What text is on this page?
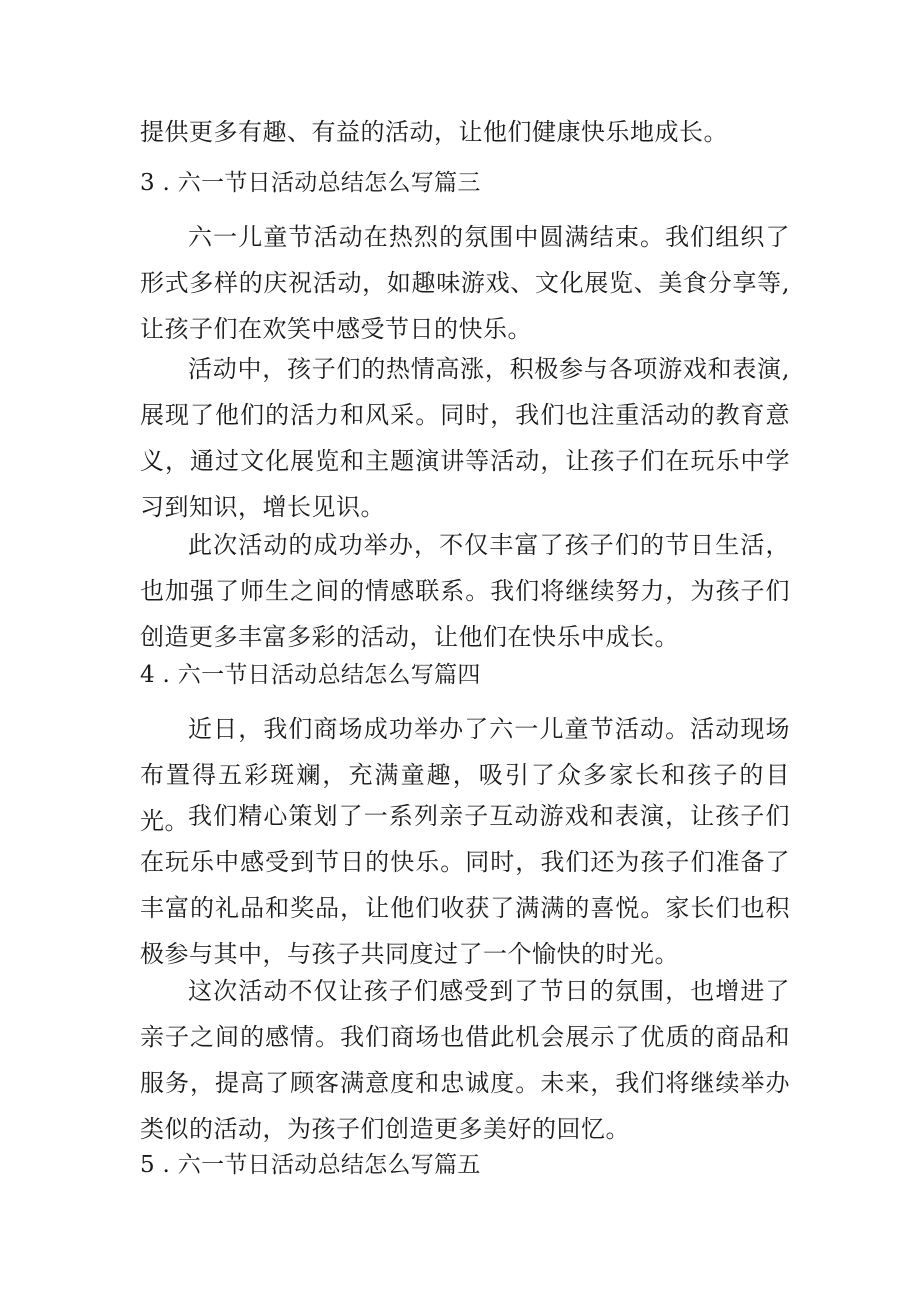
提供更多有趣、有益的活动，让他们健康快乐地成长。
3 . 六一节日活动总结怎么写篇三

六一儿童节活动在热烈的氛围中圆满结束。我们组织了形式多样的庆祝活动，如趣味游戏、文化展览、美食分享等, 让孩子们在欢笑中感受节日的快乐。

活动中，孩子们的热情高涨，积极参与各项游戏和表演, 展现了他们的活力和风采。同时，我们也注重活动的教育意义，通过文化展览和主题演讲等活动，让孩子们在玩乐中学习到知识，增长见识。

此次活动的成功举办，不仅丰富了孩子们的节日生活，也加强了师生之间的情感联系。我们将继续努力，为孩子们创造更多丰富多彩的活动，让他们在快乐中成长。

4 . 六一节日活动总结怎么写篇四

近日，我们商场成功举办了六一儿童节活动。活动现场布置得五彩斑斓，充满童趣，吸引了众多家长和孩子的目光。 我们精心策划了一系列亲子互动游戏和表演，让孩子们在玩乐中感受到节日的快乐。同时，我们还为孩子们准备了丰富的礼品和奖品，让他们收获了满满的喜悦。家长们也积极参与其中，与孩子共同度过了一个愉快的时光。

这次活动不仅让孩子们感受到了节日的氛围，也增进了亲子之间的感情。我们商场也借此机会展示了优质的商品和服务，提高了顾客满意度和忠诚度。未来，我们将继续举办类似的活动，为孩子们创造更多美好的回忆。

5 . 六一节日活动总结怎么写篇五
